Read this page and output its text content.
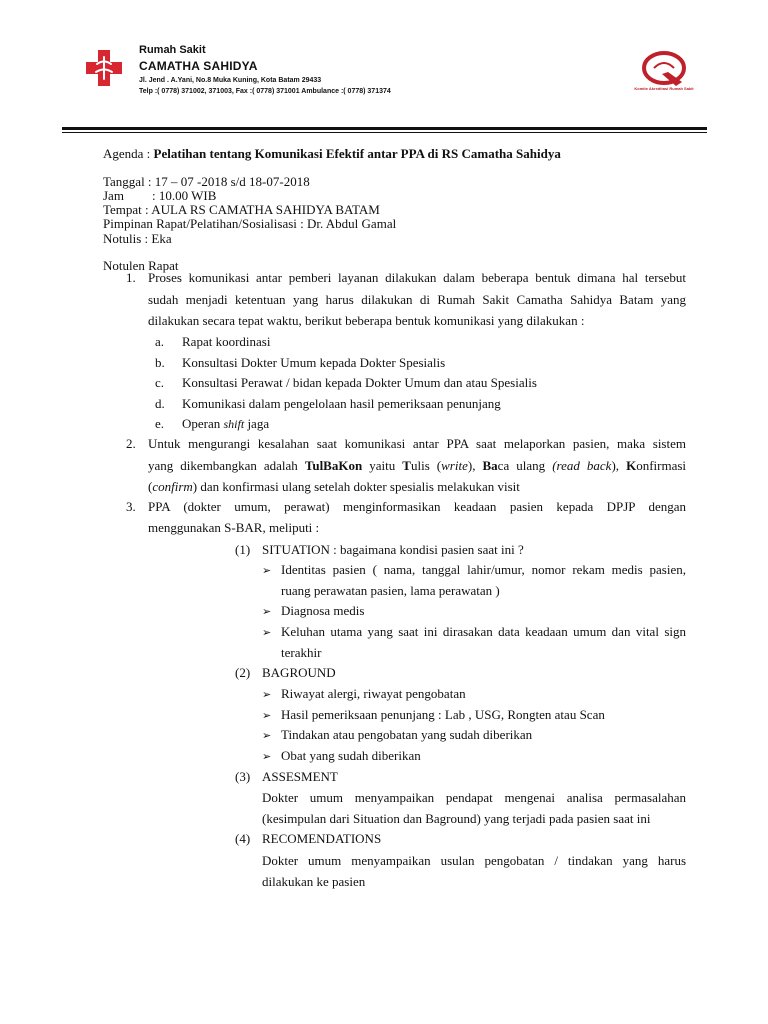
Rumah Sakit
CAMATHA SAHIDYA
Jl. Jend . A.Yani, No.8 Muka Kuning, Kota Batam 29433
Telp :( 0778) 371002, 371003, Fax :( 0778) 371001 Ambulance :( 0778) 371374	Komite Akreditasi Rumah Sakit
Agenda : Pelatihan tentang Komunikasi Efektif antar PPA di RS Camatha Sahidya
Tanggal : 17 – 07 -2018 s/d 18-07-2018
Jam : 10.00 WIB
Tempat : AULA RS CAMATHA SAHIDYA BATAM
Pimpinan Rapat/Pelatihan/Sosialisasi : Dr. Abdul Gamal
Notulis : Eka
Notulen Rapat
1. Proses komunikasi antar pemberi layanan dilakukan dalam beberapa bentuk dimana hal tersebut
sudah menjadi ketentuan yang harus dilakukan di Rumah Sakit Camatha Sahidya Batam yang
dilakukan secara tepat waktu, berikut beberapa bentuk komunikasi yang dilakukan :
a. Rapat koordinasi
b. Konsultasi Dokter Umum kepada Dokter Spesialis
c. Konsultasi Perawat / bidan kepada Dokter Umum dan atau Spesialis
d. Komunikasi dalam pengelolaan hasil pemeriksaan penunjang
e. Operan shift jaga
2. Untuk mengurangi kesalahan saat komunikasi antar PPA saat melaporkan pasien, maka sistem
yang dikembangkan adalah TulBaKon yaitu Tulis (write), Baca ulang (read back), Konfirmasi
(confirm) dan konfirmasi ulang setelah dokter spesialis melakukan visit
3. PPA (dokter umum, perawat) menginformasikan keadaan pasien kepada DPJP dengan
menggunakan S-BAR, meliputi :
(1) SITUATION : bagaimana kondisi pasien saat ini ?
➢ Identitas pasien ( nama, tanggal lahir/umur, nomor rekam medis pasien,
ruang perawatan pasien, lama perawatan )
➢ Diagnosa medis
➢ Keluhan utama yang saat ini dirasakan data keadaan umum dan vital sign
terakhir
(2) BAGROUND
➢ Riwayat alergi, riwayat pengobatan
➢ Hasil pemeriksaan penunjang : Lab , USG, Rongten atau Scan
➢ Tindakan atau pengobatan yang sudah diberikan
➢ Obat yang sudah diberikan
(3) ASSESMENT
Dokter umum menyampaikan pendapat mengenai analisa permasalahan
(kesimpulan dari Situation dan Baground) yang terjadi pada pasien saat ini
(4) RECOMENDATIONS
Dokter umum menyampaikan usulan pengobatan / tindakan yang harus
dilakukan ke pasien
